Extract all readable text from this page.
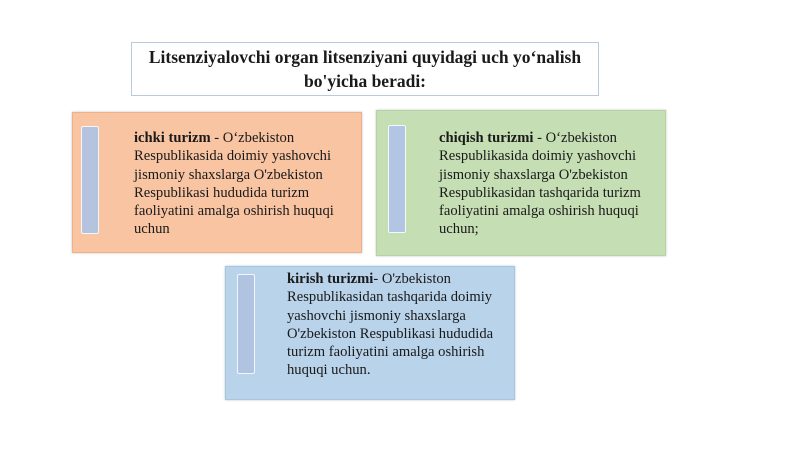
Litsenziyalovchi organ litsenziyani quyidagi uch yo‘nalish bo'yicha beradi:
ichki turizm - O‘zbekiston Respublikasida doimiy yashovchi jismoniy shaxslarga O'zbekiston Respublikasi hududida turizm faoliyatini amalga oshirish huquqi uchun
chiqish turizmi - O‘zbekiston Respublikasida doimiy yashovchi jismoniy shaxslarga O'zbekiston Respublikasidan tashqarida turizm faoliyatini amalga oshirish huquqi uchun;
kirish turizmi- O'zbekiston Respublikasidan tashqarida doimiy yashovchi jismoniy shaxslarga O'zbekiston Respublikasi hududida turizm faoliyatini amalga oshirish huquqi uchun.
